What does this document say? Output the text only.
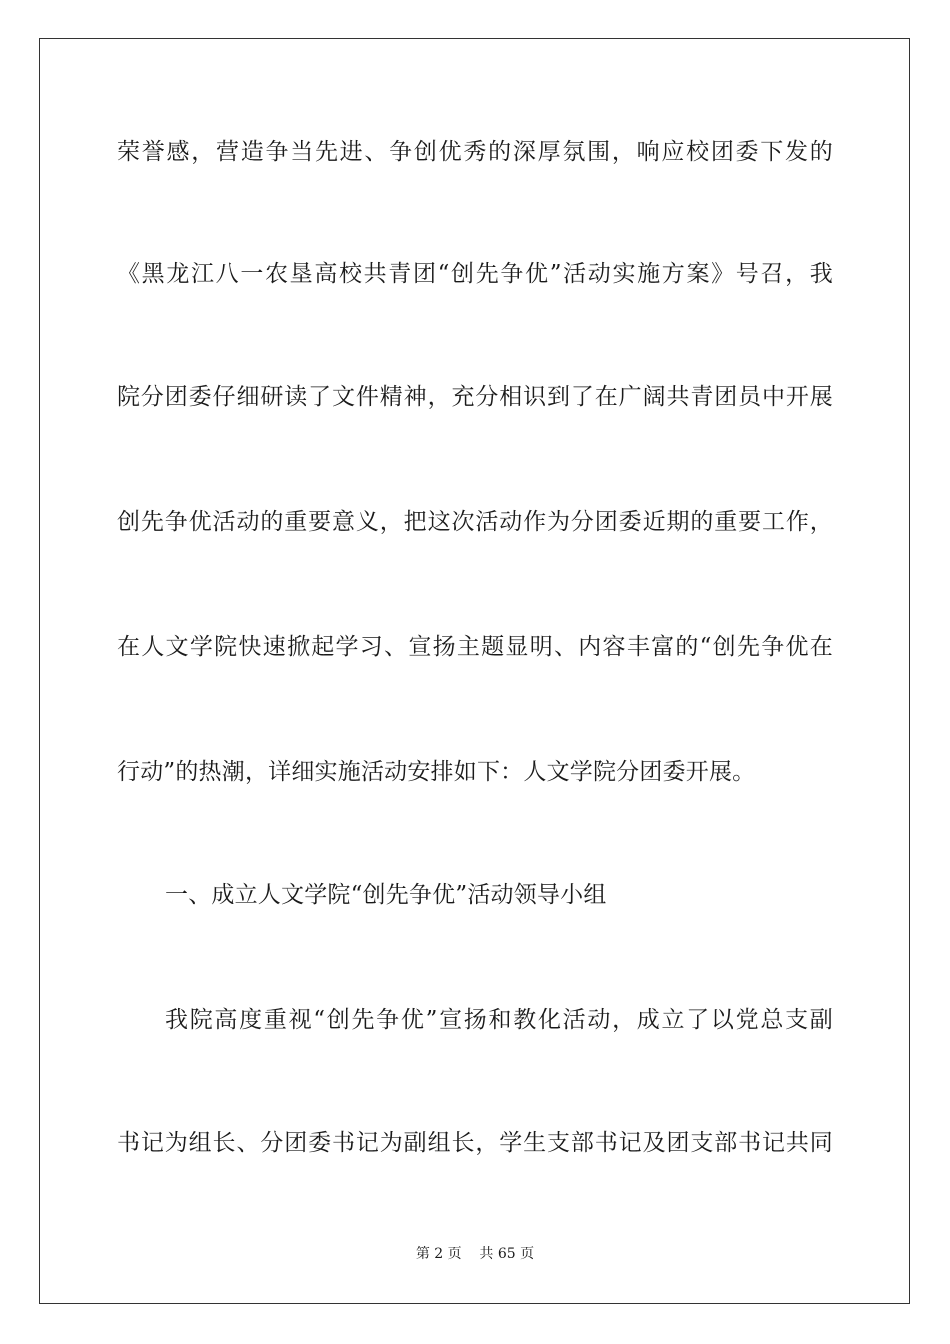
荣誉感，营造争当先进、争创优秀的深厚氛围，响应校团委下发的
《黑龙江八一农垦高校共青团“创先争优”活动实施方案》号召，我
院分团委仔细研读了文件精神，充分相识到了在广阔共青团员中开展
创先争优活动的重要意义，把这次活动作为分团委近期的重要工作，
在人文学院快速掀起学习、宣扬主题显明、内容丰富的“创先争优在
行动”的热潮，详细实施活动安排如下：人文学院分团委开展。
一、成立人文学院“创先争优”活动领导小组
我院高度重视“创先争优”宣扬和教化活动，成立了以党总支副
书记为组长、分团委书记为副组长，学生支部书记及团支部书记共同
第 2 页    共 65 页
